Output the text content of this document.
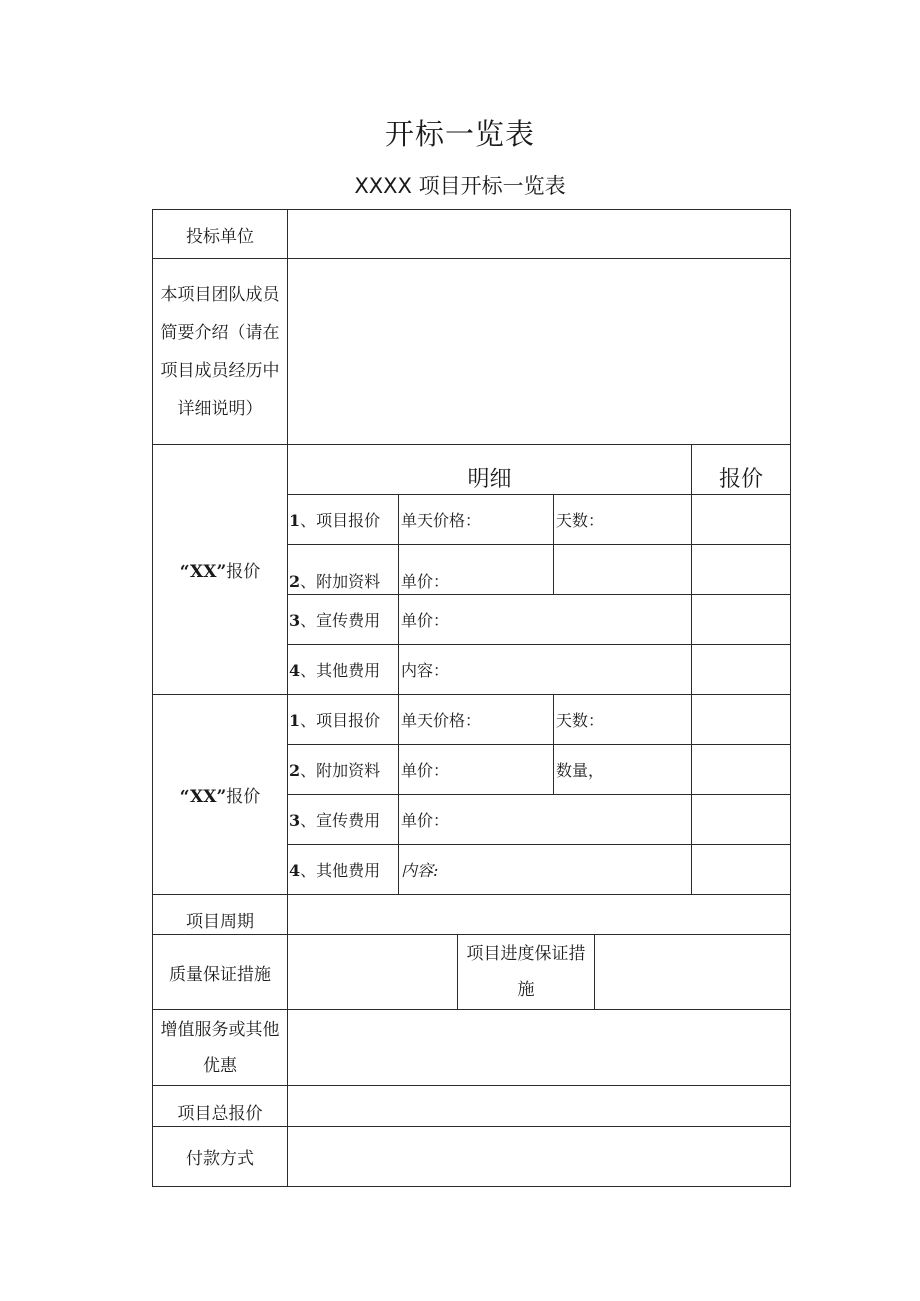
开标一览表
XXXX 项目开标一览表
投标单位						
本项目团队成员简要介绍（请在项目成员经历中详细说明）						
“XX”报价	明细					报价
	1、项目报价	单天价格：		天数：		
	2、附加资料	单价：				
	3、宣传费用	单价：				
	4、其他费用	内容：				
“XX”报价	1、项目报价	单天价格：		天数：		
	2、附加资料	单价：		数量，		
	3、宣传费用	单价：				
	4、其他费用	内容:				
项目周期						
质量保证措施			项目进度保证措施			
增值服务或其他优惠						
项目总报价						
付款方式						
